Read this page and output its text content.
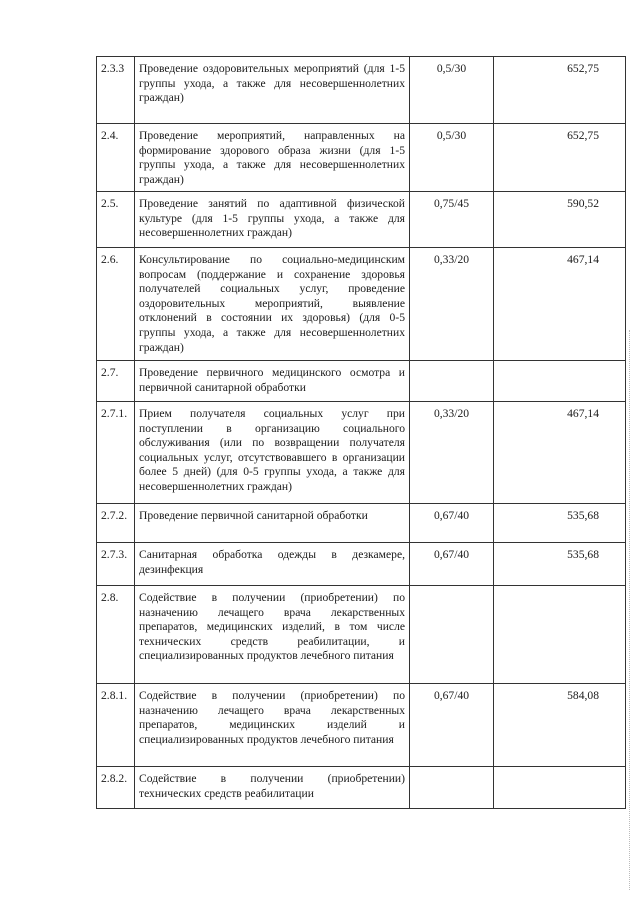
2.3.3	Проведение оздоровительных мероприятий (для 1-5 группы ухода, а также для несовершеннолетних граждан)	0,5/30	652,75
2.4.	Проведение мероприятий, направленных на формирование здорового образа жизни (для 1-5 группы ухода, а также для несовершеннолетних граждан)	0,5/30	652,75
2.5.	Проведение занятий по адаптивной физической культуре (для 1-5 группы ухода, а также для несовершеннолетних граждан)	0,75/45	590,52
2.6.	Консультирование по социально-медицинским вопросам (поддержание и сохранение здоровья получателей социальных услуг, проведение оздоровительных мероприятий, выявление отклонений в состоянии их здоровья) (для 0-5 группы ухода, а также для несовершеннолетних граждан)	0,33/20	467,14
2.7.	Проведение первичного медицинского осмотра и первичной санитарной обработки		
2.7.1.	Прием получателя социальных услуг при поступлении в организацию социального обслуживания (или по возвращении получателя социальных услуг, отсутствовавшего в организации более 5 дней) (для 0-5 группы ухода, а также для несовершеннолетних граждан)	0,33/20	467,14
2.7.2.	Проведение первичной санитарной обработки	0,67/40	535,68
2.7.3.	Санитарная обработка одежды в дезкамере, дезинфекция	0,67/40	535,68
2.8.	Содействие в получении (приобретении) по назначению лечащего врача лекарственных препаратов, медицинских изделий, в том числе технических средств реабилитации, и специализированных продуктов лечебного питания		
2.8.1.	Содействие в получении (приобретении) по назначению лечащего врача лекарственных препаратов, медицинских изделий и специализированных продуктов лечебного питания	0,67/40	584,08
2.8.2.	Содействие в получении (приобретении) технических средств реабилитации		
